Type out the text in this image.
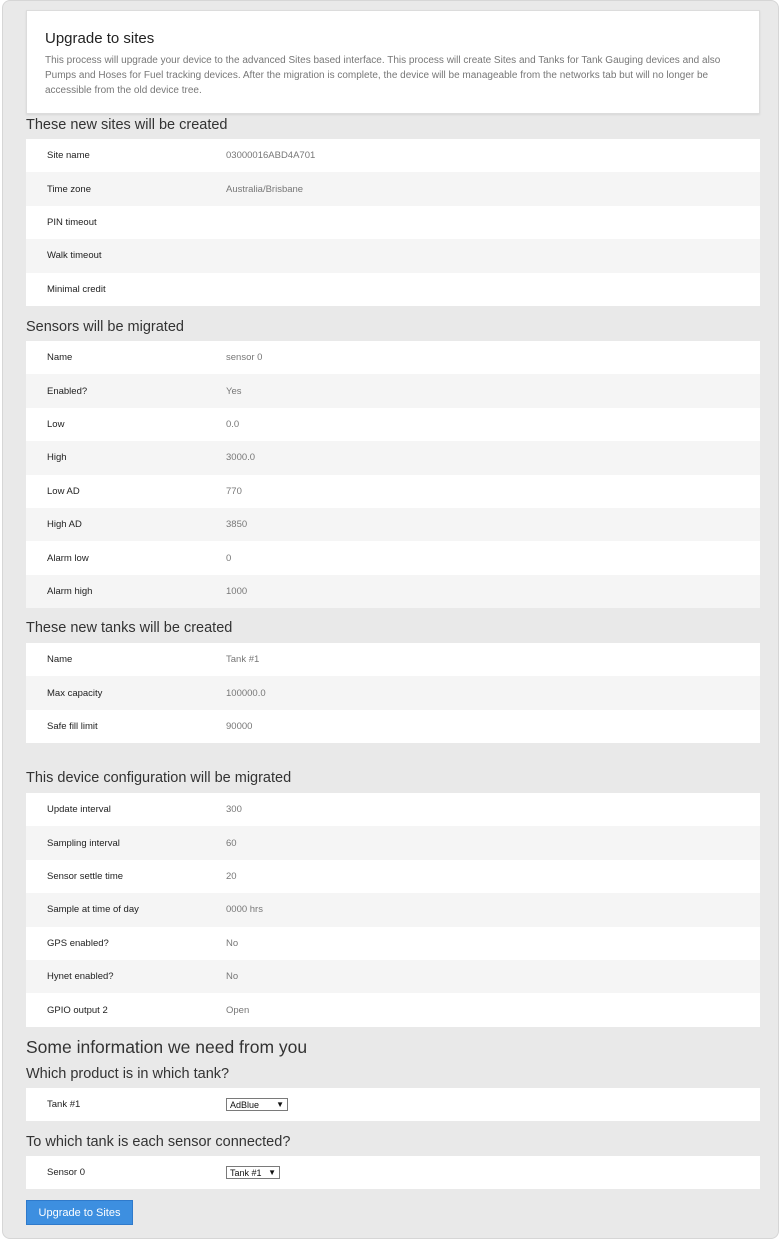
Upgrade to sites

This process will upgrade your device to the advanced Sites based interface. This process will create Sites and Tanks for Tank Gauging devices and also Pumps and Hoses for Fuel tracking devices. After the migration is complete, the device will be manageable from the networks tab but will no longer be accessible from the old device tree.

These new sites will be created
Site name	03000016ABD4A701
Time zone	Australia/Brisbane
PIN timeout
Walk timeout
Minimal credit
Sensors will be migrated
Name	sensor 0
Enabled?	Yes
Low	0.0
High	3000.0
Low AD	770
High AD	3850
Alarm low	0
Alarm high	1000
These new tanks will be created
Name	Tank #1
Max capacity	100000.0
Safe fill limit	90000
This device configuration will be migrated
Update interval	300
Sampling interval	60
Sensor settle time	20
Sample at time of day	0000 hrs
GPS enabled?	No
Hynet enabled?	No
GPIO output 2	Open
Some information we need from you
Which product is in which tank?
Tank #1	AdBlue ▼
To which tank is each sensor connected?
Sensor 0	Tank #1 ▼
Upgrade to Sites
